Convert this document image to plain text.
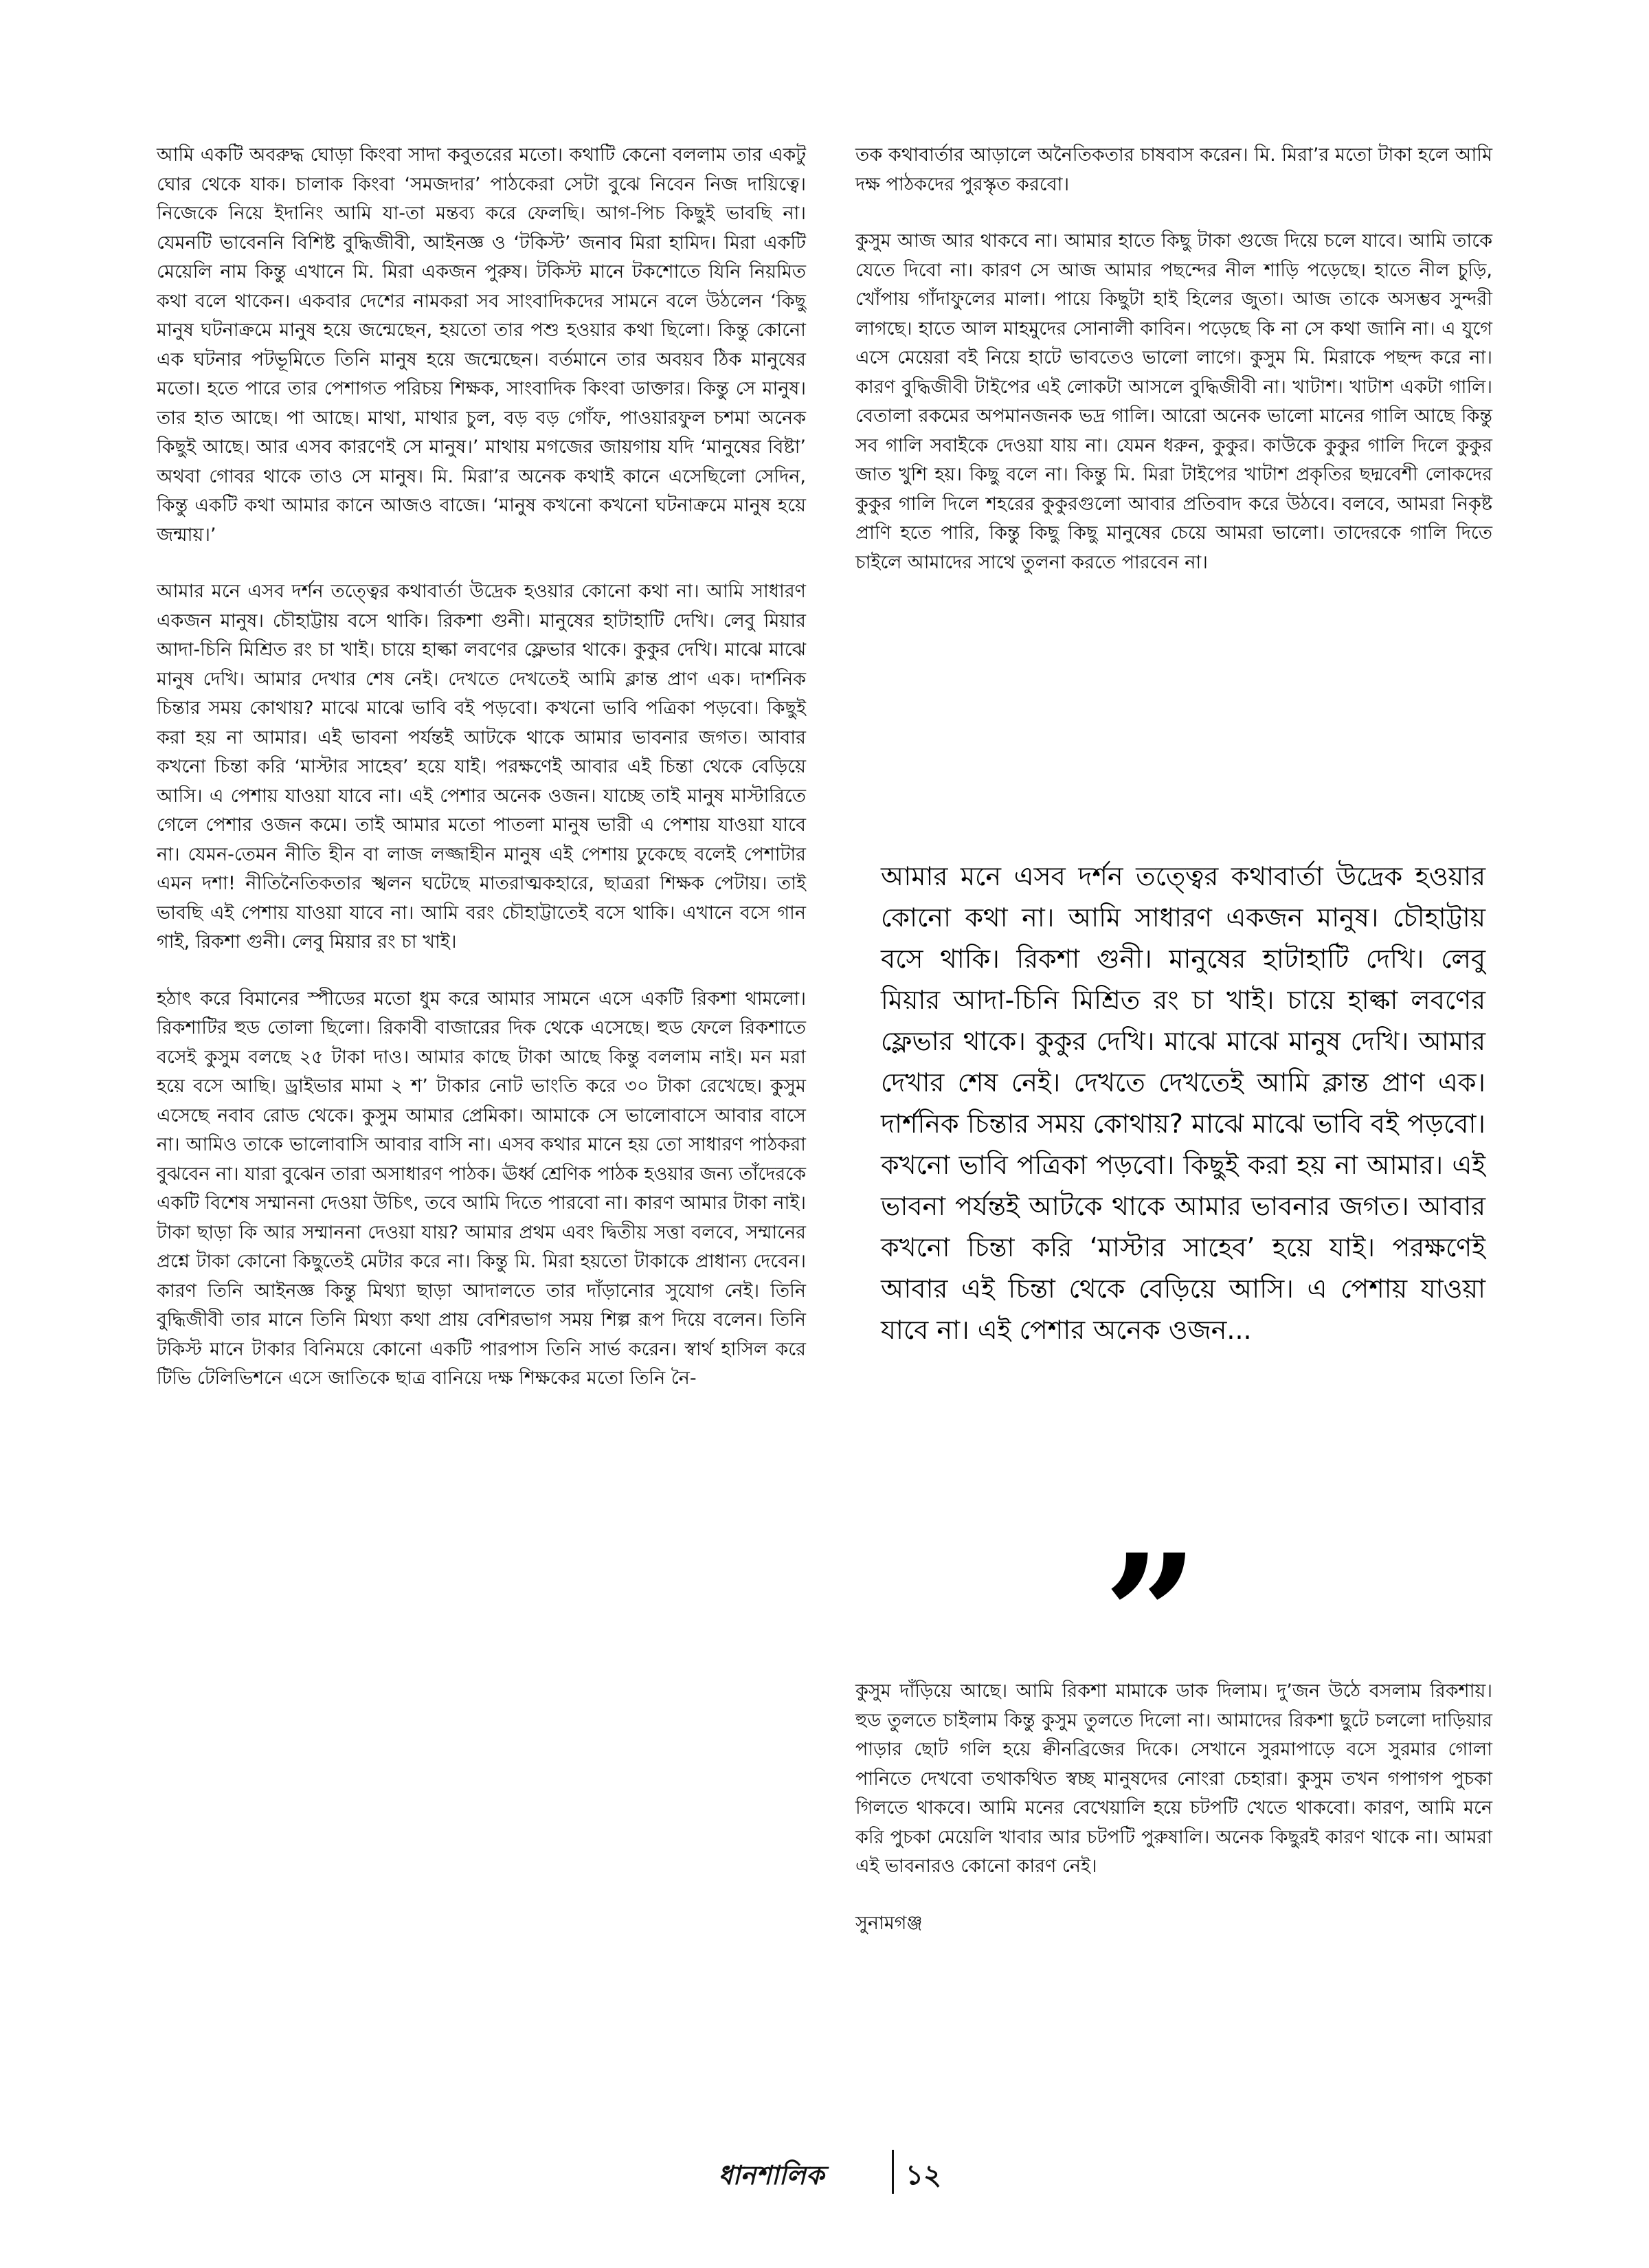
আমি একটি অবরুদ্ধ ঘোড়া কিংবা সাদা কবুতরের মতো। কথাটি কেনো বললাম তার একটু ঘোর থেকে যাক। চালাক কিংবা ‘সমজদার’ পাঠকেরা সেটা বুঝে নিবেন নিজ দায়িত্বে। নিজেকে নিয়ে ইদানিং আমি যা-তা মন্তব্য করে ফেলছি। আগ-পিচ কিছুই ভাবছি না। যেমনটি ভাবেননি বিশিষ্ট বুদ্ধিজীবী, আইনজ্ঞ ও ‘টকিস্ট’ জনাব মিরা হামিদ। মিরা একটি মেয়েলি নাম কিন্তু এখানে মি. মিরা একজন পুরুষ। টকিস্ট মানে টকশোতে যিনি নিয়মিত কথা বলে থাকেন। একবার দেশের নামকরা সব সাংবাদিকদের সামনে বলে উঠলেন ‘কিছু মানুষ ঘটনাক্রমে মানুষ হয়ে জন্মেছেন, হয়তো তার পশু হওয়ার কথা ছিলো। কিন্তু কোনো এক ঘটনার পটভূমিতে তিনি মানুষ হয়ে জন্মেছেন। বর্তমানে তার অবয়ব ঠিক মানুষের মতো। হতে পারে তার পেশাগত পরিচয় শিক্ষক, সাংবাদিক কিংবা ডাক্তার। কিন্তু সে মানুষ। তার হাত আছে। পা আছে। মাথা, মাথার চুল, বড় বড় গোঁফ, পাওয়ারফুল চশমা অনেক কিছুই আছে। আর এসব কারণেই সে মানুষ।’ মাথায় মগজের জায়গায় যদি ‘মানুষের বিষ্টা’ অথবা গোবর থাকে তাও সে মানুষ। মি. মিরা’র অনেক কথাই কানে এসেছিলো সেদিন, কিন্তু একটি কথা আমার কানে আজও বাজে। ‘মানুষ কখনো কখনো ঘটনাক্রমে মানুষ হয়ে জন্মায়।’

আমার মনে এসব দর্শন তত্ত্বের কথাবার্তা উদ্রেক হওয়ার কোনো কথা না। আমি সাধারণ একজন মানুষ। চৌহাট্টায় বসে থাকি। রিকশা গুনী। মানুষের হাটাহাটি দেখি। লেবু মিয়ার আদা-চিনি মিশ্রিত রং চা খাই। চায়ে হাল্কা লবণের ফ্লেভার থাকে। কুকুর দেখি। মাঝে মাঝে মানুষ দেখি। আমার দেখার শেষ নেই। দেখতে দেখতেই আমি ক্লান্ত প্রাণ এক। দার্শনিক চিন্তার সময় কোথায়? মাঝে মাঝে ভাবি বই পড়বো। কখনো ভাবি পত্রিকা পড়বো। কিছুই করা হয় না আমার। এই ভাবনা পর্যন্তই আটকে থাকে আমার ভাবনার জগত। আবার কখনো চিন্তা করি ‘মাস্টার সাহেব’ হয়ে যাই। পরক্ষণেই আবার এই চিন্তা থেকে বেড়িয়ে আসি। এ পেশায় যাওয়া যাবে না। এই পেশার অনেক ওজন। যাচ্ছে তাই মানুষ মাস্টারিতে গেলে পেশার ওজন কমে। তাই আমার মতো পাতলা মানুষ ভারী এ পেশায় যাওয়া যাবে না। যেমন-তেমন নীতি হীন বা লাজ লজ্জাহীন মানুষ এই পেশায় ঢুকেছে বলেই পেশাটার এমন দশা! নীতিনৈতিকতার স্খলন ঘটেছে মাতরাত্মকহারে, ছাত্ররা শিক্ষক পেটায়। তাই ভাবছি এই পেশায় যাওয়া যাবে না। আমি বরং চৌহাট্টাতেই বসে থাকি। এখানে বসে গান গাই, রিকশা গুনী। লেবু মিয়ার রং চা খাই।

হঠাৎ করে বিমানের স্পীডের মতো ধুম করে আমার সামনে এসে একটি রিকশা থামলো। রিকশাটির হুড তোলা ছিলো। রিকাবী বাজারের দিক থেকে এসেছে। হুড ফেলে রিকশাতে বসেই কুসুম বলছে ২৫ টাকা দাও। আমার কাছে টাকা আছে কিন্তু বললাম নাই। মন মরা হয়ে বসে আছি। ড্রাইভার মামা ২ শ’ টাকার নোট ভাংতি করে ৩০ টাকা রেখেছে। কুসুম এসেছে নবাব রোড থেকে। কুসুম আমার প্রেমিকা। আমাকে সে ভালোবাসে আবার বাসে না। আমিও তাকে ভালোবাসি আবার বাসি না। এসব কথার মানে হয় তো সাধারণ পাঠকরা বুঝবেন না। যারা বুঝেন তারা অসাধারণ পাঠক। ঊর্ধ্ব শ্রেণিক পাঠক হওয়ার জন্য তাঁদেরকে একটি বিশেষ সম্মাননা দেওয়া উচিৎ, তবে আমি দিতে পারবো না। কারণ আমার টাকা নাই। টাকা ছাড়া কি আর সম্মাননা দেওয়া যায়? আমার প্রথম এবং দ্বিতীয় সত্তা বলবে, সম্মানের প্রশ্নে টাকা কোনো কিছুতেই মেটার করে না। কিন্তু মি. মিরা হয়তো টাকাকে প্রাধান্য দেবেন। কারণ তিনি আইনজ্ঞ কিন্তু মিথ্যা ছাড়া আদালতে তার দাঁড়ানোর সুযোগ নেই। তিনি বুদ্ধিজীবী তার মানে তিনি মিথ্যা কথা প্রায় বেশিরভাগ সময় শিল্প রূপ দিয়ে বলেন। তিনি টকিস্ট মানে টাকার বিনিময়ে কোনো একটি পারপাস তিনি সার্ভ করেন। স্বার্থ হাসিল করে টিভি টেলিভিশনে এসে জাতিকে ছাত্র বানিয়ে দক্ষ শিক্ষকের মতো তিনি নৈ-

তক কথাবার্তার আড়ালে অনৈতিকতার চাষবাস করেন। মি. মিরা’র মতো টাকা হলে আমি দক্ষ পাঠকদের পুরস্কৃত করবো।

কুসুম আজ আর থাকবে না। আমার হাতে কিছু টাকা গুজে দিয়ে চলে যাবে। আমি তাকে যেতে দিবো না। কারণ সে আজ আমার পছন্দের নীল শাড়ি পড়েছে। হাতে নীল চুড়ি, খোঁপায় গাঁদাফুলের মালা। পায়ে কিছুটা হাই হিলের জুতা। আজ তাকে অসম্ভব সুন্দরী লাগছে। হাতে আল মাহমুদের সোনালী কাবিন। পড়েছে কি না সে কথা জানি না। এ যুগে এসে মেয়েরা বই নিয়ে হাটে ভাবতেও ভালো লাগে। কুসুম মি. মিরাকে পছন্দ করে না। কারণ বুদ্ধিজীবী টাইপের এই লোকটা আসলে বুদ্ধিজীবী না। খাটাশ। খাটাশ একটা গালি। বেতালা রকমের অপমানজনক ভদ্র গালি। আরো অনেক ভালো মানের গালি আছে কিন্তু সব গালি সবাইকে দেওয়া যায় না। যেমন ধরুন, কুকুর। কাউকে কুকুর গালি দিলে কুকুর জাত খুশি হয়। কিছু বলে না। কিন্তু মি. মিরা টাইপের খাটাশ প্রকৃতির ছদ্মবেশী লোকদের কুকুর গালি দিলে শহরের কুকুরগুলো আবার প্রতিবাদ করে উঠবে। বলবে, আমরা নিকৃষ্ট প্রাণি হতে পারি, কিন্তু কিছু কিছু মানুষের চেয়ে আমরা ভালো। তাদেরকে গালি দিতে চাইলে আমাদের সাথে তুলনা করতে পারবেন না।

আমার মনে এসব দর্শন তত্ত্বের কথাবার্তা উদ্রেক হওয়ার কোনো কথা না। আমি সাধারণ একজন মানুষ। চৌহাট্টায় বসে থাকি। রিকশা গুনী। মানুষের হাটাহাটি দেখি। লেবু মিয়ার আদা-চিনি মিশ্রিত রং চা খাই। চায়ে হাল্কা লবণের ফ্লেভার থাকে। কুকুর দেখি। মাঝে মাঝে মানুষ দেখি। আমার দেখার শেষ নেই। দেখতে দেখতেই আমি ক্লান্ত প্রাণ এক। দার্শনিক চিন্তার সময় কোথায়? মাঝে মাঝে ভাবি বই পড়বো। কখনো ভাবি পত্রিকা পড়বো। কিছুই করা হয় না আমার। এই ভাবনা পর্যন্তই আটকে থাকে আমার ভাবনার জগত। আবার কখনো চিন্তা করি ‘মাস্টার সাহেব’ হয়ে যাই। পরক্ষণেই আবার এই চিন্তা থেকে বেড়িয়ে আসি। এ পেশায় যাওয়া যাবে না। এই পেশার অনেক ওজন...
”

কুসুম দাঁড়িয়ে আছে। আমি রিকশা মামাকে ডাক দিলাম। দু’জন উঠে বসলাম রিকশায়। হুড তুলতে চাইলাম কিন্তু কুসুম তুলতে দিলো না। আমাদের রিকশা ছুটে চললো দাড়িয়ার পাড়ার ছোট গলি হয়ে ক্বীনব্রিজের দিকে। সেখানে সুরমাপাড়ে বসে সুরমার গোলা পানিতে দেখবো তথাকথিত স্বচ্ছ মানুষদের নোংরা চেহারা। কুসুম তখন গপাগপ পুচকা গিলতে থাকবে। আমি মনের বেখেয়ালি হয়ে চটপটি খেতে থাকবো। কারণ, আমি মনে করি পুচকা মেয়েলি খাবার আর চটপটি পুরুষালি। অনেক কিছুরই কারণ থাকে না। আমরা এই ভাবনারও কোনো কারণ নেই।

সুনামগঞ্জ

ধানশালিক	১২
